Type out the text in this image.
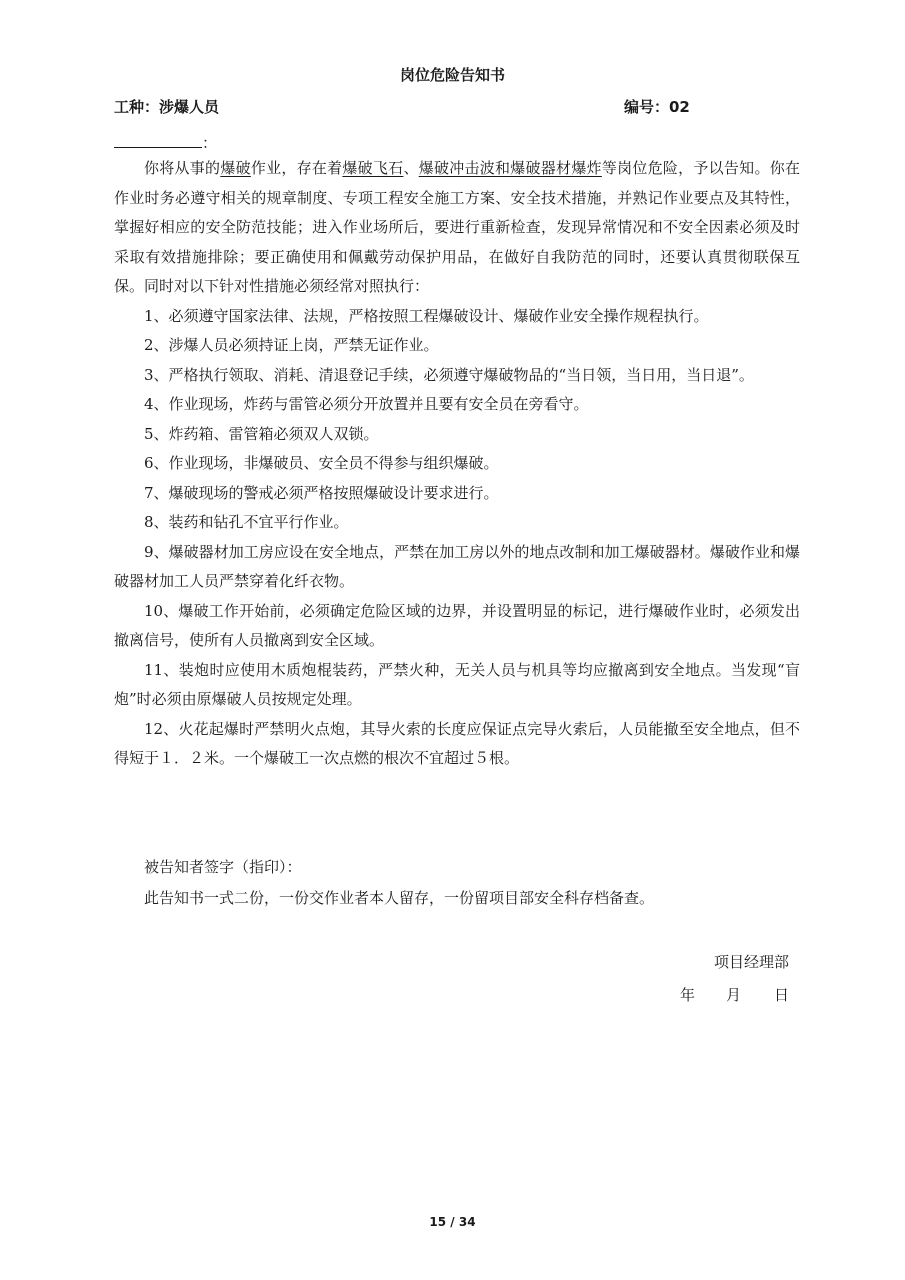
岗位危险告知书
工种：涉爆人员	编号：02
：

你将从事的爆破作业，存在着爆破飞石、爆破冲击波和爆破器材爆炸等岗位危险，予以告知。你在作业时务必遵守相关的规章制度、专项工程安全施工方案、安全技术措施，并熟记作业要点及其特性，掌握好相应的安全防范技能；进入作业场所后，要进行重新检查，发现异常情况和不安全因素必须及时采取有效措施排除；要正确使用和佩戴劳动保护用品，在做好自我防范的同时，还要认真贯彻联保互保。同时对以下针对性措施必须经常对照执行：

1、必须遵守国家法律、法规，严格按照工程爆破设计、爆破作业安全操作规程执行。

2、涉爆人员必须持证上岗，严禁无证作业。

3、严格执行领取、消耗、清退登记手续，必须遵守爆破物品的“当日领，当日用，当日退”。

4、作业现场，炸药与雷管必须分开放置并且要有安全员在旁看守。

5、炸药箱、雷管箱必须双人双锁。

6、作业现场，非爆破员、安全员不得参与组织爆破。

7、爆破现场的警戒必须严格按照爆破设计要求进行。

8、装药和钻孔不宜平行作业。

9、爆破器材加工房应设在安全地点，严禁在加工房以外的地点改制和加工爆破器材。爆破作业和爆破器材加工人员严禁穿着化纤衣物。

10、爆破工作开始前，必须确定危险区域的边界，并设置明显的标记，进行爆破作业时，必须发出撤离信号，使所有人员撤离到安全区域。

11、装炮时应使用木质炮棍装药，严禁火种，无关人员与机具等均应撤离到安全地点。当发现“盲炮”时必须由原爆破人员按规定处理。

12、火花起爆时严禁明火点炮，其导火索的长度应保证点完导火索后，人员能撤至安全地点，但不得短于１．２米。一个爆破工一次点燃的根次不宜超过５根。

被告知者签字（指印）：
此告知书一式二份，一份交作业者本人留存，一份留项目部安全科存档备查。
项目经理部
年 月 日
15 / 34
